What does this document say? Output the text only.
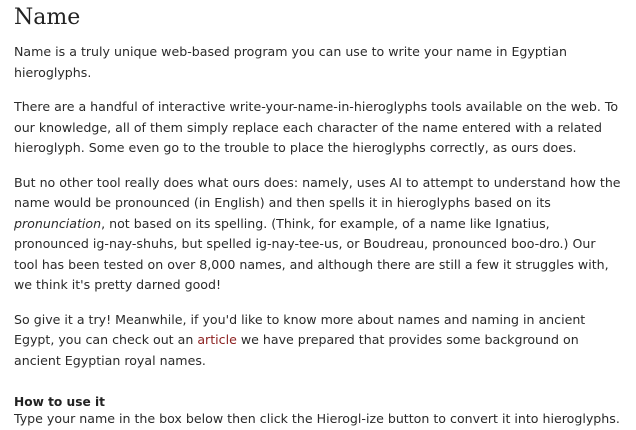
Name

Name is a truly unique web-based program you can use to write your name in Egyptian hieroglyphs.

There are a handful of interactive write-your-name-in-hieroglyphs tools available on the web. To our knowledge, all of them simply replace each character of the name entered with a related hieroglyph. Some even go to the trouble to place the hieroglyphs correctly, as ours does.

But no other tool really does what ours does: namely, uses AI to attempt to understand how the name would be pronounced (in English) and then spells it in hieroglyphs based on its pronunciation, not based on its spelling. (Think, for example, of a name like Ignatius, pronounced ig-nay-shuhs, but spelled ig-nay-tee-us, or Boudreau, pronounced boo-dro.) Our tool has been tested on over 8,000 names, and although there are still a few it struggles with, we think it's pretty darned good!

So give it a try! Meanwhile, if you'd like to know more about names and naming in ancient Egypt, you can check out an article we have prepared that provides some background on ancient Egyptian royal names.

How to use it

Type your name in the box below then click the Hierogl-ize button to convert it into hieroglyphs.
